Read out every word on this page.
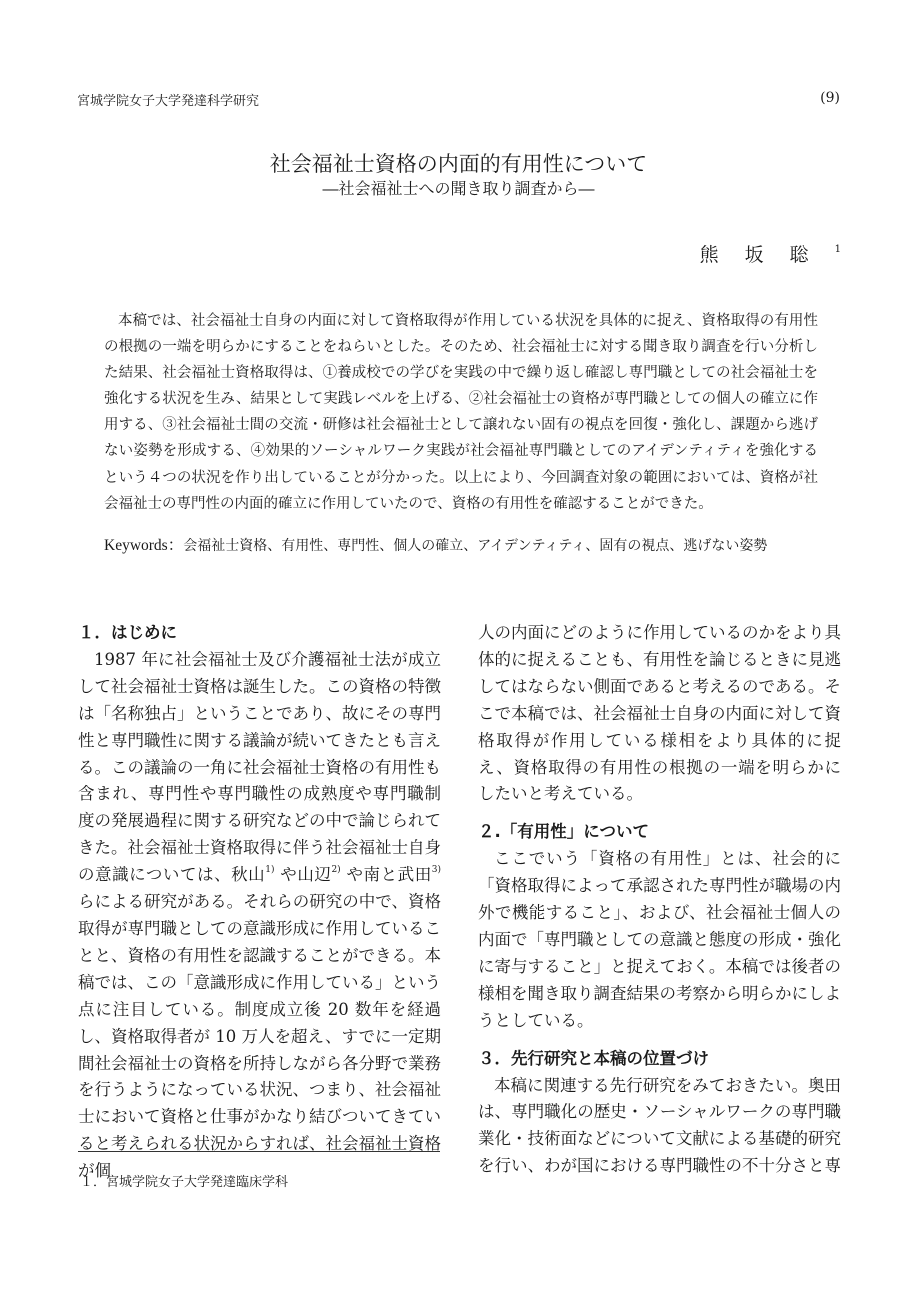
宮城学院女子大学発達科学研究	(9)
社会福祉士資格の内面的有用性について
―社会福祉士への聞き取り調査から―
熊坂聡$^1$

本稿では、社会福祉士自身の内面に対して資格取得が作用している状況を具体的に捉え、資格取得の有用性の根拠の一端を明らかにすることをねらいとした。そのため、社会福祉士に対する聞き取り調査を行い分析した結果、社会福祉士資格取得は、①養成校での学びを実践の中で繰り返し確認し専門職としての社会福祉士を強化する状況を生み、結果として実践レベルを上げる、②社会福祉士の資格が専門職としての個人の確立に作用する、③社会福祉士間の交流・研修は社会福祉士として譲れない固有の視点を回復・強化し、課題から逃げない姿勢を形成する、④効果的ソーシャルワーク実践が社会福祉専門職としてのアイデンティティを強化するという４つの状況を作り出していることが分かった。以上により、今回調査対象の範囲においては、資格が社会福祉士の専門性の内面的確立に作用していたので、資格の有用性を確認することができた。

Keywords：会福祉士資格、有用性、専門性、個人の確立、アイデンティティ、固有の視点、逃げない姿勢
１．はじめに

1987 年に社会福祉士及び介護福祉士法が成立して社会福祉士資格は誕生した。この資格の特徴は「名称独占」ということであり、故にその専門性と専門職性に関する議論が続いてきたとも言える。この議論の一角に社会福祉士資格の有用性も含まれ、専門性や専門職性の成熟度や専門職制度の発展過程に関する研究などの中で論じられてきた。社会福祉士資格取得に伴う社会福祉士自身の意識については、秋山$^{1)}$ や山辺$^{2)}$ や南と武田$^{3)}$らによる研究がある。それらの研究の中で、資格取得が専門職としての意識形成に作用していることと、資格の有用性を認識することができる。本稿では、この「意識形成に作用している」という点に注目している。制度成立後 20 数年を経過し、資格取得者が 10 万人を超え、すでに一定期間社会福祉士の資格を所持しながら各分野で業務を行うようになっている状況、つまり、社会福祉士において資格と仕事がかなり結びついてきていると考えられる状況からすれば、社会福祉士資格が個

人の内面にどのように作用しているのかをより具体的に捉えることも、有用性を論じるときに見逃してはならない側面であると考えるのである。そこで本稿では、社会福祉士自身の内面に対して資格取得が作用している様相をより具体的に捉え、資格取得の有用性の根拠の一端を明らかにしたいと考えている。

２.「有用性」について

ここでいう「資格の有用性」とは、社会的に「資格取得によって承認された専門性が職場の内外で機能すること」、および、社会福祉士個人の内面で「専門職としての意識と態度の形成・強化に寄与すること」と捉えておく。本稿では後者の様相を聞き取り調査結果の考察から明らかにしようとしている。

３．先行研究と本稿の位置づけ

本稿に関連する先行研究をみておきたい。奥田は、専門職化の歴史・ソーシャルワークの専門職業化・技術面などについて文献による基礎的研究を行い、わが国における専門職性の不十分さと専

１．宮城学院女子大学発達臨床学科
